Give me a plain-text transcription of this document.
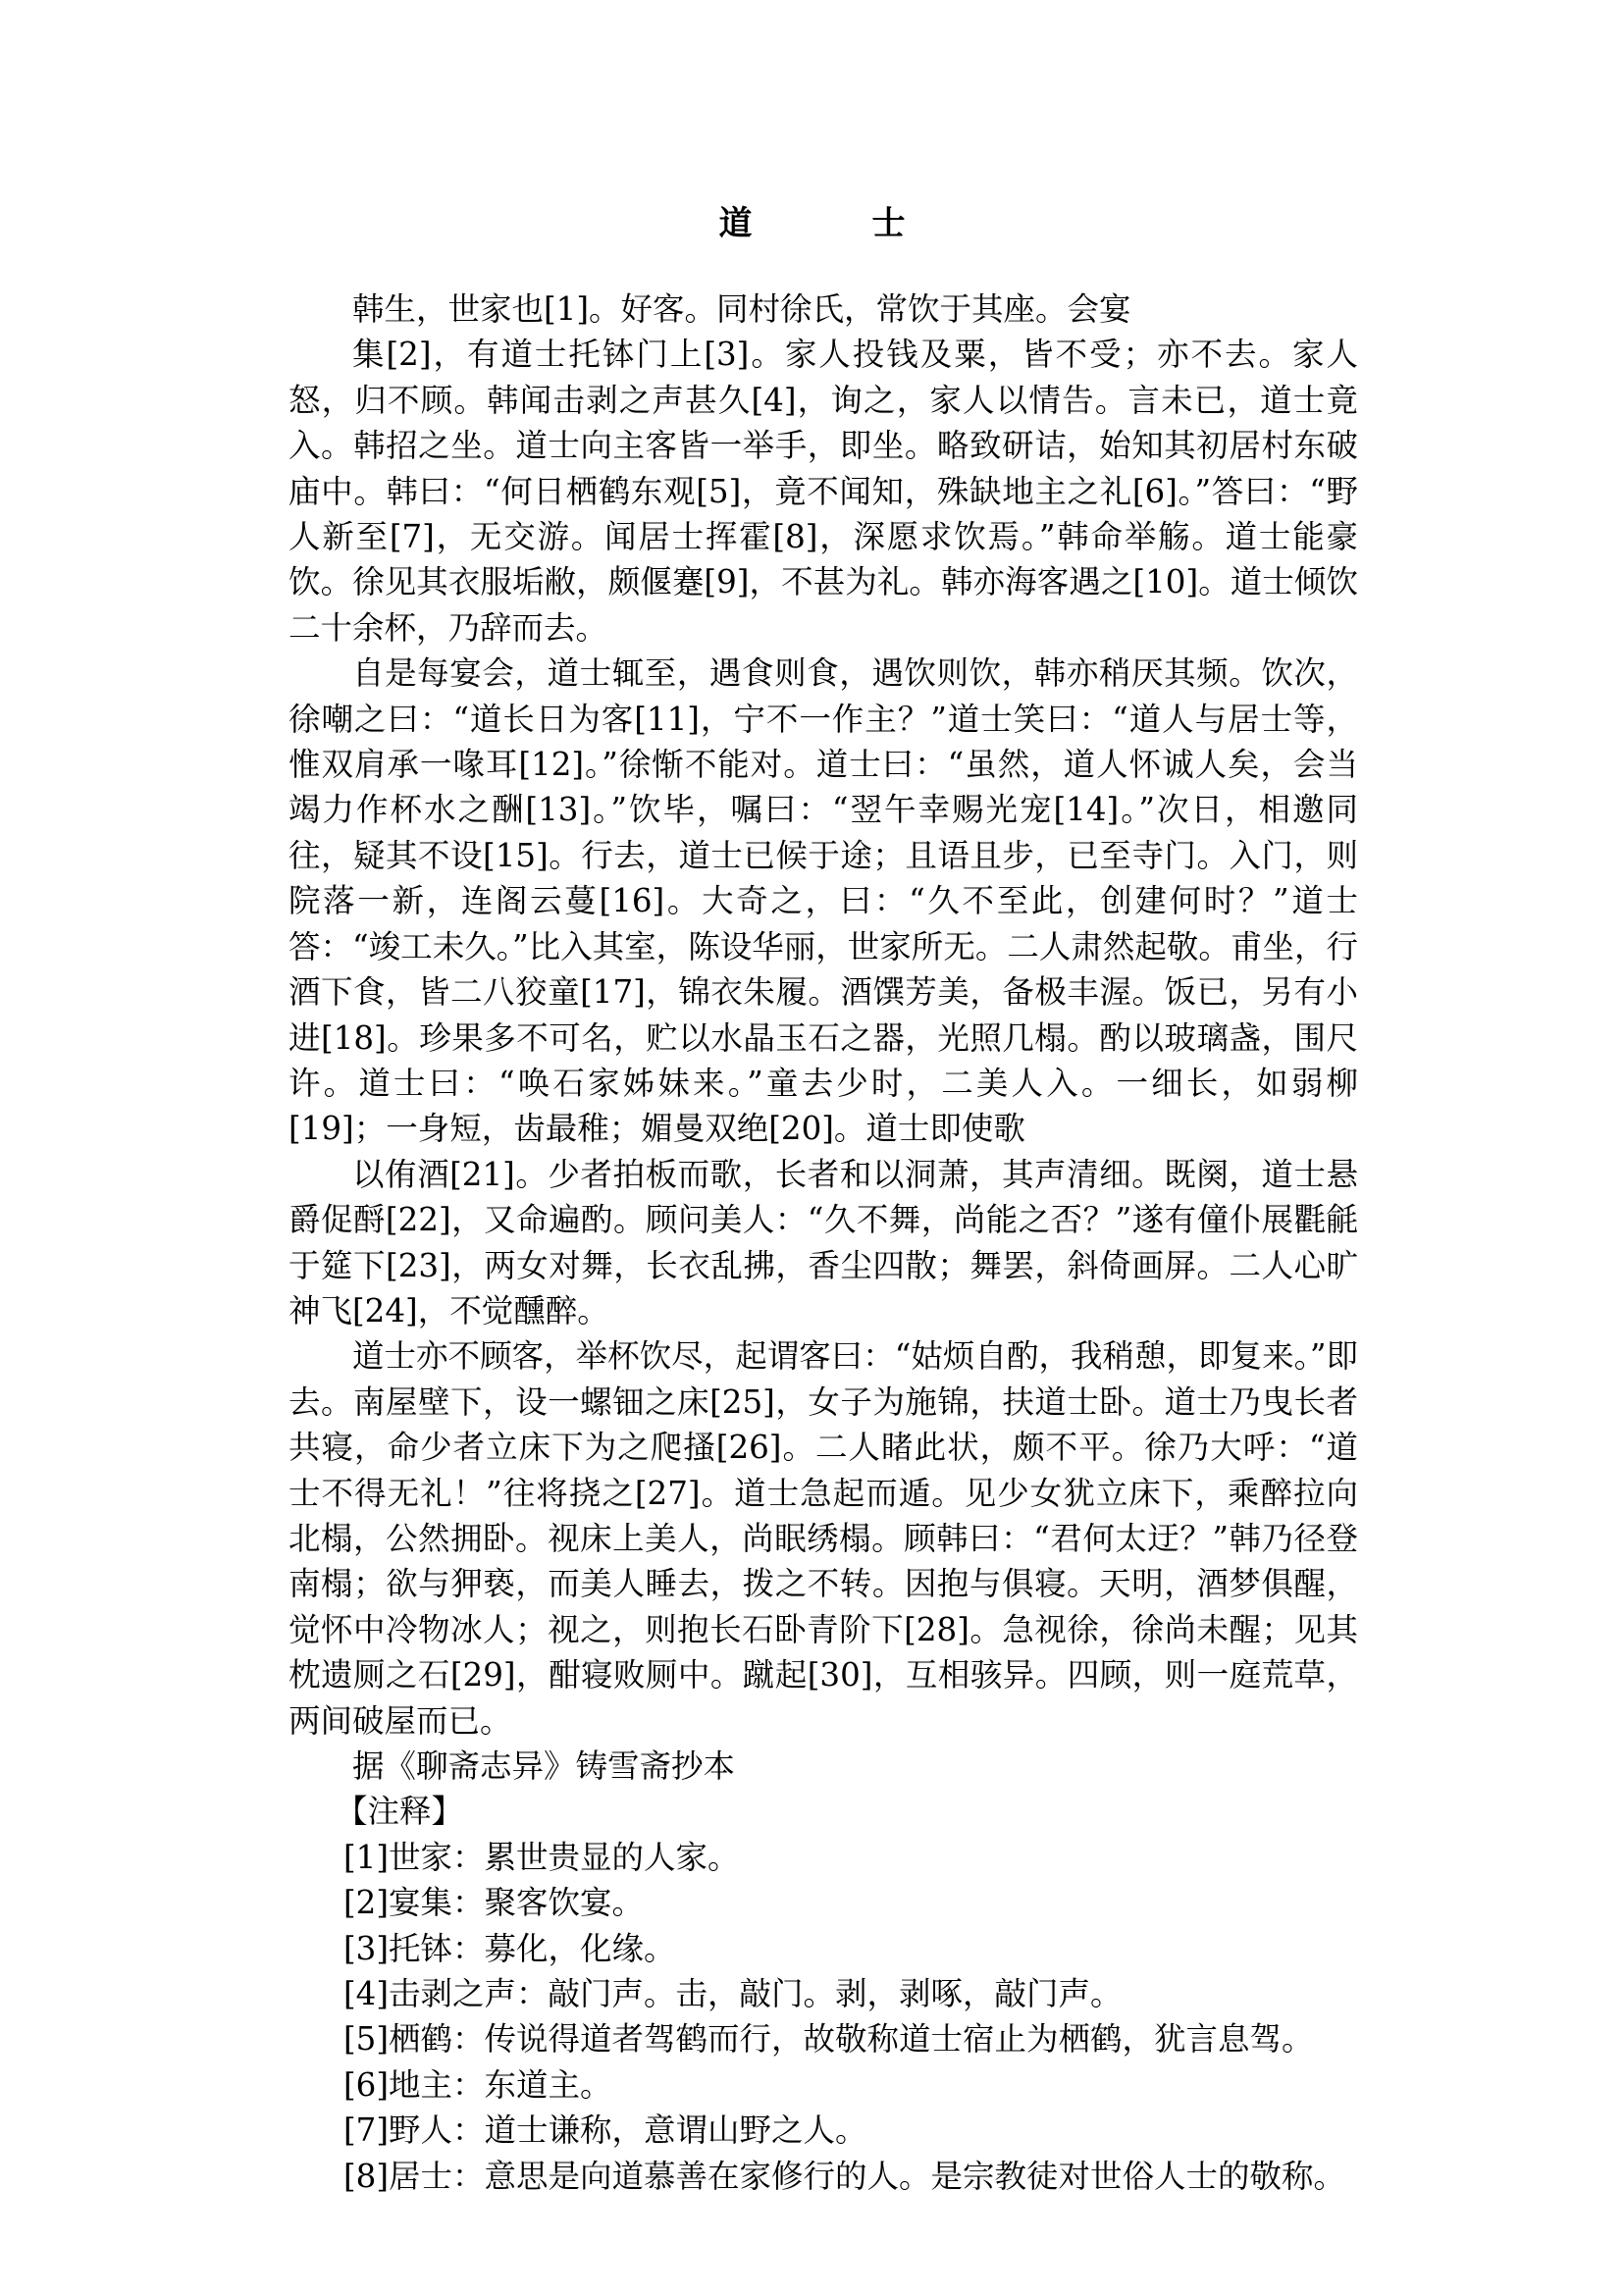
道　士

韩生，世家也[1]。好客。同村徐氏，常饮于其座。会宴

集[2]，有道士托钵门上[3]。家人投钱及粟，皆不受；亦不去。家人怒，归不顾。韩闻击剥之声甚久[4]，询之，家人以情告。言未已，道士竟入。韩招之坐。道士向主客皆一举手，即坐。略致研诘，始知其初居村东破庙中。韩曰：“何日栖鹤东观[5]，竟不闻知，殊缺地主之礼[6]。”答曰：“野人新至[7]，无交游。闻居士挥霍[8]，深愿求饮焉。”韩命举觞。道士能豪饮。徐见其衣服垢敝，颇偃蹇[9]，不甚为礼。韩亦海客遇之[10]。道士倾饮二十余杯，乃辞而去。

自是每宴会，道士辄至，遇食则食，遇饮则饮，韩亦稍厌其频。饮次，徐嘲之曰：“道长日为客[11]，宁不一作主？”道士笑曰：“道人与居士等，惟双肩承一喙耳[12]。”徐惭不能对。道士曰：“虽然，道人怀诚人矣，会当竭力作杯水之酬[13]。”饮毕，嘱曰：“翌午幸赐光宠[14]。”次日，相邀同往，疑其不设[15]。行去，道士已候于途；且语且步，已至寺门。入门，则院落一新，连阁云蔓[16]。大奇之，曰：“久不至此，创建何时？”道士答：“竣工未久。”比入其室，陈设华丽，世家所无。二人肃然起敬。甫坐，行酒下食，皆二八狡童[17]，锦衣朱履。酒馔芳美，备极丰渥。饭已，另有小进[18]。珍果多不可名，贮以水晶玉石之器，光照几榻。酌以玻璃盏，围尺许。道士曰：“唤石家姊妹来。”童去少时，二美人入。一细长，如弱柳[19]；一身短，齿最稚；媚曼双绝[20]。道士即使歌

以侑酒[21]。少者拍板而歌，长者和以洞萧，其声清细。既阕，道士悬爵促酹[22]，又命遍酌。顾问美人：“久不舞，尚能之否？”遂有僮仆展氍毹于筵下[23]，两女对舞，长衣乱拂，香尘四散；舞罢，斜倚画屏。二人心旷神飞[24]，不觉醺醉。

道士亦不顾客，举杯饮尽，起谓客曰：“姑烦自酌，我稍憩，即复来。”即去。南屋壁下，设一螺钿之床[25]，女子为施锦，扶道士卧。道士乃曳长者共寝，命少者立床下为之爬搔[26]。二人睹此状，颇不平。徐乃大呼：“道士不得无礼！”往将挠之[27]。道士急起而遁。见少女犹立床下，乘醉拉向北榻，公然拥卧。视床上美人，尚眠绣榻。顾韩曰：“君何太迂？”韩乃径登南榻；欲与狎亵，而美人睡去，拨之不转。因抱与俱寝。天明，酒梦俱醒，觉怀中冷物冰人；视之，则抱长石卧青阶下[28]。急视徐，徐尚未醒；见其枕遗厕之石[29]，酣寝败厕中。蹴起[30]，互相骇异。四顾，则一庭荒草，两间破屋而已。

据《聊斋志异》铸雪斋抄本

【注释】

[1]世家：累世贵显的人家。

[2]宴集：聚客饮宴。

[3]托钵：募化，化缘。

[4]击剥之声：敲门声。击，敲门。剥，剥啄，敲门声。

[5]栖鹤：传说得道者驾鹤而行，故敬称道士宿止为栖鹤，犹言息驾。

[6]地主：东道主。

[7]野人：道士谦称，意谓山野之人。

[8]居士：意思是向道慕善在家修行的人。是宗教徒对世俗人士的敬称。
